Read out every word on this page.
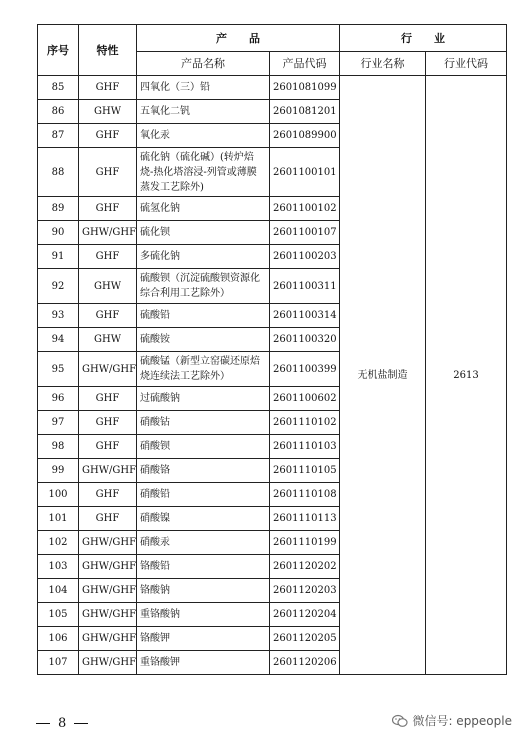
序号	特性	产　　品		行　　业	
		产品名称	产品代码	行业名称	行业代码
85	GHF	四氧化（三）铅	2601081099	无机盐制造	2613
86	GHW	五氧化二钒	2601081201		
87	GHF	氧化汞	2601089900		
88	GHF	硫化钠（硫化碱）(转炉焙烧-热化塔溶浸-列管或薄膜蒸发工艺除外)	2601100101		
89	GHF	硫氢化钠	2601100102		
90	GHW/GHF	硫化钡	2601100107		
91	GHF	多硫化钠	2601100203		
92	GHW	硫酸钡（沉淀硫酸钡资源化综合利用工艺除外）	2601100311		
93	GHF	硫酸铅	2601100314		
94	GHW	硫酸铵	2601100320		
95	GHW/GHF	硫酸锰（新型立窑碳还原焙烧连续法工艺除外）	2601100399		
96	GHF	过硫酸钠	2601100602		
97	GHF	硝酸钴	2601110102		
98	GHF	硝酸钡	2601110103		
99	GHW/GHF	硝酸铬	2601110105		
100	GHF	硝酸铅	2601110108		
101	GHF	硝酸镍	2601110113		
102	GHW/GHF	硝酸汞	2601110199		
103	GHW/GHF	铬酸铅	2601120202		
104	GHW/GHF	铬酸钠	2601120203		
105	GHW/GHF	重铬酸钠	2601120204		
106	GHW/GHF	铬酸钾	2601120205		
107	GHW/GHF	重铬酸钾	2601120206		
8	微信号: eppeople
